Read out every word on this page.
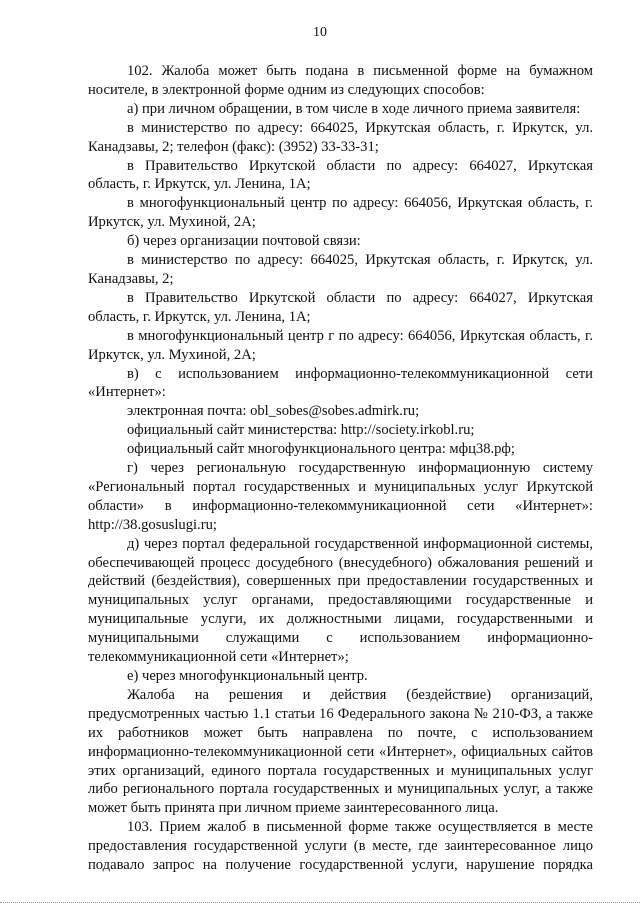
10

102. Жалоба может быть подана в письменной форме на бумажном носителе, в электронной форме одним из следующих способов:

а) при личном обращении, в том числе в ходе личного приема заявителя:

в министерство по адресу: 664025, Иркутская область, г. Иркутск, ул. Канадзавы, 2; телефон (факс): (3952) 33-33-31;

в Правительство Иркутской области по адресу: 664027, Иркутская область, г. Иркутск, ул. Ленина, 1А;

в многофункциональный центр по адресу: 664056, Иркутская область, г. Иркутск, ул. Мухиной, 2А;

б) через организации почтовой связи:

в министерство по адресу: 664025, Иркутская область, г. Иркутск, ул. Канадзавы, 2;

в Правительство Иркутской области по адресу: 664027, Иркутская область, г. Иркутск, ул. Ленина, 1А;

в многофункциональный центр г по адресу: 664056, Иркутская область, г. Иркутск, ул. Мухиной, 2А;

в) с использованием информационно-телекоммуникационной сети «Интернет»:

электронная почта: obl_sobes@sobes.admirk.ru;

официальный сайт министерства: http://society.irkobl.ru;

официальный сайт многофункционального центра: мфц38.рф;

г) через региональную государственную информационную систему «Региональный портал государственных и муниципальных услуг Иркутской области» в информационно-телекоммуникационной сети «Интернет»: http://38.gosuslugi.ru;

д) через портал федеральной государственной информационной системы, обеспечивающей процесс досудебного (внесудебного) обжалования решений и действий (бездействия), совершенных при предоставлении государственных и муниципальных услуг органами, предоставляющими государственные и муниципальные услуги, их должностными лицами, государственными и муниципальными служащими с использованием информационно-телекоммуникационной сети «Интернет»;

е) через многофункциональный центр.

Жалоба на решения и действия (бездействие) организаций, предусмотренных частью 1.1 статьи 16 Федерального закона № 210-ФЗ, а также их работников может быть направлена по почте, с использованием информационно-телекоммуникационной сети «Интернет», официальных сайтов этих организаций, единого портала государственных и муниципальных услуг либо регионального портала государственных и муниципальных услуг, а также может быть принята при личном приеме заинтересованного лица.

103. Прием жалоб в письменной форме также осуществляется в месте предоставления государственной услуги (в месте, где заинтересованное лицо подавало запрос на получение государственной услуги, нарушение порядка
